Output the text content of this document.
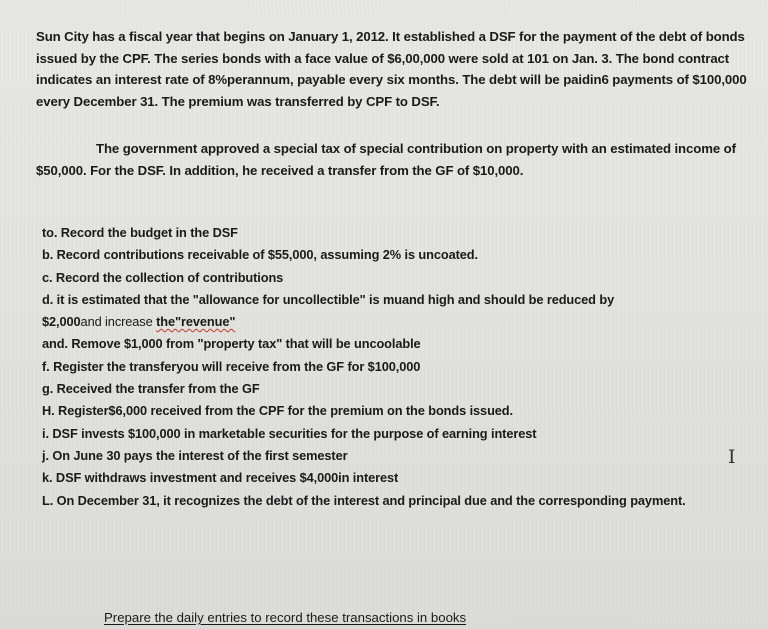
Sun City has a fiscal year that begins on January 1, 2012. It established a DSF for the payment of the debt of bonds issued by the CPF. The series bonds with a face value of $6,00,000 were sold at 101 on Jan. 3. The bond contract indicates an interest rate of 8%perannum, payable every six months. The debt will be paidin6 payments of $100,000 every December 31. The premium was transferred by CPF to DSF.

The government approved a special tax of special contribution on property with an estimated income of $50,000. For the DSF. In addition, he received a transfer from the GF of $10,000.

to. Record the budget in the DSF

b. Record contributions receivable of $55,000, assuming 2% is uncoated.

c. Record the collection of contributions

d. it is estimated that the "allowance for uncollectible" is muand high and should be reduced by
$2,000and increase the"revenue"

and. Remove $1,000 from "property tax" that will be uncoolable

f. Register the transferyou will receive from the GF for $100,000

g. Received the transfer from the GF

H. Register$6,000 received from the CPF for the premium on the bonds issued.

i. DSF invests $100,000 in marketable securities for the purpose of earning interest

j. On June 30 pays the interest of the first semester

k. DSF withdraws investment and receives $4,000in interest

L. On December 31, it recognizes the debt of the interest and principal due and the corresponding payment.

Prepare the daily entries to record these transactions in books
I
